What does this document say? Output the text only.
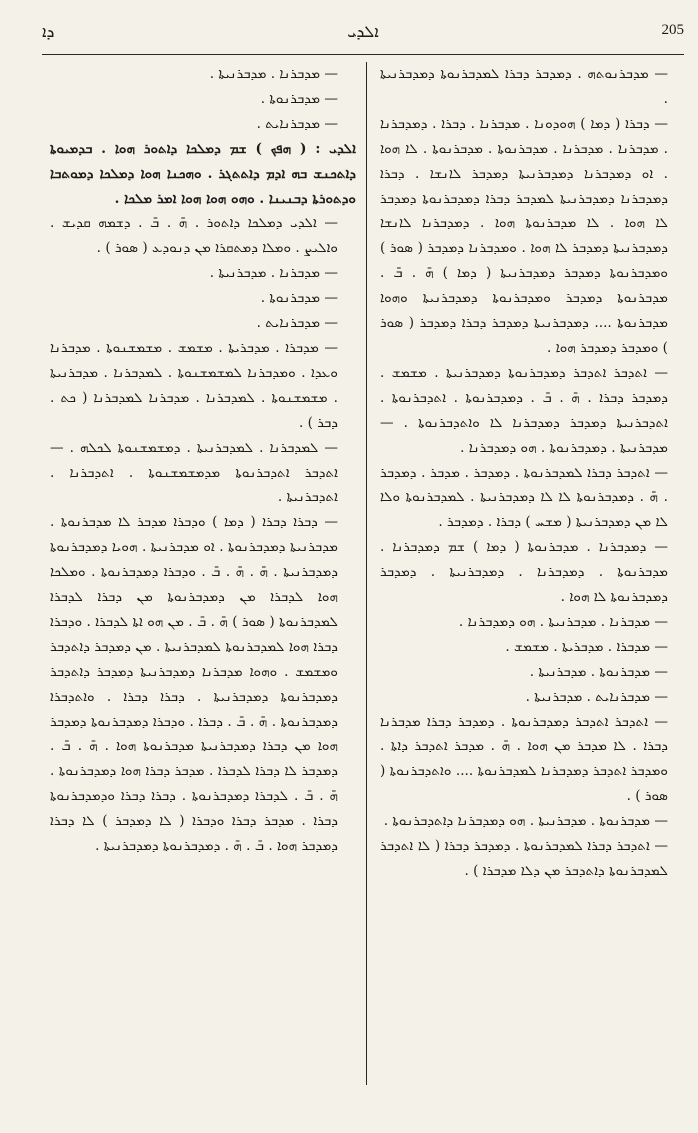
ܕܐ	ܐܠܕܝ	205

— ܡܕܒܪܢܐ . ܡܕܒܪܢܝܬܐ .

— ܡܕܒܪܢܘܬܐ .

— ܡܕܒܪܢܐܝܬ .

ܐܠܕܝ : ( ܗܦܟ ) ܫܡ ܕܡܠܟܐ ܕܐܬܘܪ ܗܘܐ . ܒܕܡܝܘܬܐ ܕܐܬܟܢܫ ܒܗ ܐܕܡ ܕܐܬܬܓܪ . ܘܗܟܢܐ ܗܘܐ ܕܡܠܟܐ ܕܡܘܬܒܐ ܘܕܬܘܪܬܐ ܕܒܢܝܢܐ . ܘܗܘ ܗܘܐ ܗܘܐ ܐܡܪ ܡܠܟܐ .

— ܐܠܕܝ ܕܡܠܟܐ ܕܐܬܘܪ . ܗ̄ . ܒ̄ . ܕܫܡܗ ܩܕܝܫ . ܘܐܠܝܨ . ܘܡܠܐ ܕܡܬܩܪܐ ܡܢ ܕܢܘܕܥ ( ܣܘܪ ) .

— ܡܕܒܪܢܐ . ܡܕܒܪܢܝܬܐ .

— ܡܕܒܪܢܘܬܐ .

— ܡܕܒܪܢܐܝܬ .

— ܡܕܒܪܐ . ܡܕܒܪܝܬܐ . ܡܫܡܫ . ܡܫܡܫܢܘܬܐ . ܡܕܒܪܢܐ ܘܥܕܐ . ܘܡܕܒܪܢܐ ܠܡܫܡܫܢܘܬܐ . ܠܡܕܒܪܢܐ . ܡܕܒܪܢܝܬܐ . ܡܫܡܫܢܘܬܐ . ܠܡܕܒܪܢܐ . ܡܕܒܪܢܐ ܠܡܕܒܪܢܐ ( ܟܬ . ܕܒܪ ) .

— ܠܡܕܒܪܢܐ . ܠܡܕܒܪܢܝܬܐ . ܕܡܫܡܫܢܘܬܐ ܠܟܠܗ . — ܐܬܕܒܪ ܐܬܕܒܪܢܘܬܐ ܡܕܡܫܡܫܢܘܬܐ . ܐܬܕܒܪܢܐ . ܐܬܕܒܪܢܝܬܐ .

— ܕܒܪܐ ܕܒܪܐ ( ܕܡܐ ) ܘܕܒܪܐ ܡܕܒܪ ܠܐ ܡܕܒܪܢܘܬܐ . ܡܕܒܪܢܝܬܐ ܕܡܕܒܪܢܘܬܐ . ܐܘ ܡܕܒܪܢܝܬܐ . ܗܘܝܐ ܕܡܕܒܪܢܘܬܐ ܕܡܕܒܪܢܝܬܐ . ܗ̄ . ܗ̄ . ܒ̄ . ܘܕܒܪܐ ܕܡܕܒܪܢܘܬܐ . ܘܡܠܟܐ ܗܘܐ ܠܕܒܪܐ ܡܢ ܕܡܕܒܪܢܘܬܐ ܡܢ ܕܒܪܐ ܠܕܒܪܐ ܠܡܕܒܪܢܘܬܐ ( ܣܘܪ ) ܗ̄ . ܒ̄ . ܡܢ ܗܘ ܐܬܐ ܠܕܒܪܐ . ܘܕܒܪܐ ܕܒܪܐ ܗܘܐ ܠܡܕܒܪܢܘܬܐ ܠܡܕܒܪܢܝܬܐ . ܡܢ ܕܡܕܒܪ ܕܐܬܕܒܪ ܘܡܫܡܫ . ܘܗܘܐ ܡܕܒܪܢܐ ܕܡܕܒܪܢܝܬܐ ܕܡܕܒܪ ܕܐܬܕܒܪ ܕܡܕܒܪܢܘܬܐ ܕܡܕܒܪܢܝܬܐ . ܕܒܪܐ ܕܒܪܐ . ܘܐܬܕܒܪܐ ܕܡܕܒܪܢܘܬܐ . ܗ̄ . ܒ̄ . ܕܒܪܐ . ܘܕܒܪܐ ܕܡܕܒܪܢܘܬܐ ܕܡܕܒܪ ܗܘܐ ܡܢ ܕܒܪܐ ܕܡܕܒܪܢܝܬܐ ܡܕܒܪܢܘܬܐ ܗܘܐ . ܗ̄ . ܒ̄ . ܕܡܕܒܪ ܠܐ ܕܒܪܐ ܠܕܒܪܐ . ܡܕܒܪ ܕܒܪܐ ܗܘܐ ܕܡܕܒܪܢܘܬܐ . ܗ̄ . ܒ̄ . ܠܕܒܪܐ ܕܡܕܒܪܢܘܬܐ . ܕܒܪܐ ܕܒܪܐ ܘܕܡܕܒܪܢܘܬܐ ܕܒܪܐ . ܡܕܒܪ ܕܒܪܐ ܘܕܒܪܐ ( ܠܐ ܕܡܕܒܪ ) ܠܐ ܕܒܪܐ ܕܡܕܒܪ ܗܘܐ . ܒ̄ . ܗ̄ . ܕܡܕܒܪܢܘܬܐ ܕܡܕܒܪܢܝܬܐ .

— ܡܕܒܪܢܘܬܗ . ܕܡܕܒܪ ܕܒܪܐ ܠܡܕܒܪܢܘܬܐ ܕܡܕܒܪܢܝܬܐ .

— ܕܒܪܐ ( ܕܡܐ ) ܗܘܕܘܢܐ . ܡܕܒܪܢܐ . ܕܒܪܐ . ܕܡܕܒܪܢܐ . ܡܕܒܪܢܐ . ܡܕܒܪܢܐ . ܡܕܒܪܢܘܬܐ . ܡܕܒܪܢܘܬܐ . ܠܐ ܗܘܐ . ܐܘ ܕܡܕܒܪܢܐ ܕܡܕܒܪܢܝܬܐ ܕܡܕܒܪ ܠܐܢܫܐ . ܕܒܪܐ ܕܡܕܒܪܢܐ ܕܡܕܒܪܢܝܬܐ ܠܡܕܒܪ ܕܒܪܐ ܕܡܕܒܪܢܘܬܐ ܕܡܕܒܪ ܠܐ ܗܘܐ . ܠܐ ܡܕܒܪܢܘܬܐ ܗܘܐ . ܕܡܕܒܪܢܐ ܠܐܢܫܐ ܕܡܕܒܪܢܝܬܐ ܕܡܕܒܪ ܠܐ ܗܘܐ . ܘܡܕܒܪܢܐ ܕܡܕܒܪ ( ܣܘܪ ) ܘܡܕܒܪܢܘܬܐ ܕܡܕܒܪ ܕܡܕܒܪܢܝܬܐ ( ܕܡܐ ) ܗ̄ . ܒ̄ . ܡܕܒܪܢܘܬܐ ܕܡܕܒܪ ܘܡܕܒܪܢܘܬܐ ܕܡܕܒܪܢܝܬܐ ܘܗܘܐ ܡܕܒܪܢܘܬܐ .... ܕܡܕܒܪܢܝܬܐ ܕܡܕܒܪ ܕܒܪܐ ܕܡܕܒܪ ( ܣܘܪ ) ܘܡܕܒܪ ܕܡܕܒܪ ܗܘܐ .

— ܐܬܕܒܪ ܐܬܕܒܪ ܕܡܕܒܪܢܘܬܐ ܕܡܕܒܪܢܝܬܐ . ܡܫܡܫ . ܕܡܕܒܪ ܕܒܪܐ . ܗ̄ . ܒ̄ . ܕܡܕܒܪܢܘܬܐ . ܐܬܕܒܪܢܘܬܐ . ܐܬܕܒܪܢܝܬܐ ܕܡܕܒܪ ܕܡܕܒܪܢܐ ܠܐ ܘܐܬܕܒܪܢܘܬܐ . — ܡܕܒܪܢܝܬܐ . ܕܡܕܒܪܢܘܬܐ . ܗܘ ܕܡܕܒܪܢܐ .

— ܐܬܕܒܪ ܕܒܪܐ ܠܡܕܒܪܢܘܬܐ . ܕܡܕܒܪ . ܡܕܒܪ . ܕܡܕܒܪ . ܗ̄ . ܕܡܕܒܪܢܘܬܐ ܠܐ ܠܐ ܕܡܕܒܪܢܝܬܐ . ܠܡܕܒܪܢܘܬܐ ܘܠܐ ܠܐ ܡܢ ܕܡܕܒܪܢܝܬܐ ( ܡܫܚ ) ܕܒܪܐ . ܕܡܕܒܪ .

— ܕܡܕܒܪܢܐ . ܡܕܒܪܢܘܬܐ ( ܕܡܐ ) ܫܡ ܕܡܕܒܪܢܐ . ܡܕܒܪܢܘܬܐ . ܕܡܕܒܪܢܐ . ܕܡܕܒܪܢܝܬܐ . ܕܡܕܒܪ ܕܡܕܒܪܢܘܬܐ ܠܐ ܗܘܐ .

— ܡܕܒܪܢܐ . ܡܕܒܪܢܝܬܐ . ܗܘ ܕܡܕܒܪܢܐ .

— ܡܕܒܪܐ . ܡܕܒܪܝܬܐ . ܡܫܡܫ .

— ܡܕܒܪܢܘܬܐ . ܡܕܒܪܢܝܬܐ .

— ܡܕܒܪܢܐܝܬ . ܡܕܒܪܢܝܬܐ .

— ܐܬܕܒܪ ܐܬܕܒܪ ܕܡܕܒܪܢܘܬܐ . ܕܡܕܒܪ ܕܒܪܐ ܡܕܒܪܢܐ ܕܒܪܐ . ܠܐ ܡܕܒܪ ܡܢ ܗܘܐ . ܗ̄ . ܡܕܒܪ ܐܬܕܒܪ ܕܐܬܐ . ܘܡܕܒܪ ܐܬܕܒܪ ܕܡܕܒܪܢܐ ܠܡܕܒܪܢܘܬܐ .... ܘܐܬܕܒܪܢܘܬܐ ( ܣܘܪ ) .

— ܡܕܒܪܢܘܬܐ . ܡܕܒܪܢܝܬܐ . ܗܘ ܕܡܕܒܪܢܐ ܕܐܬܕܒܪܢܘܬܐ .

— ܐܬܕܒܪ ܕܒܪܐ ܠܡܕܒܪܢܘܬܐ . ܕܡܕܒܪ ܕܒܪܐ ( ܠܐ ܐܬܕܒܪ ܠܡܕܒܪܢܘܬܐ ܕܐܬܕܒܪ ܡܢ ܕܠܐ ܡܕܒܪܐ ) .
